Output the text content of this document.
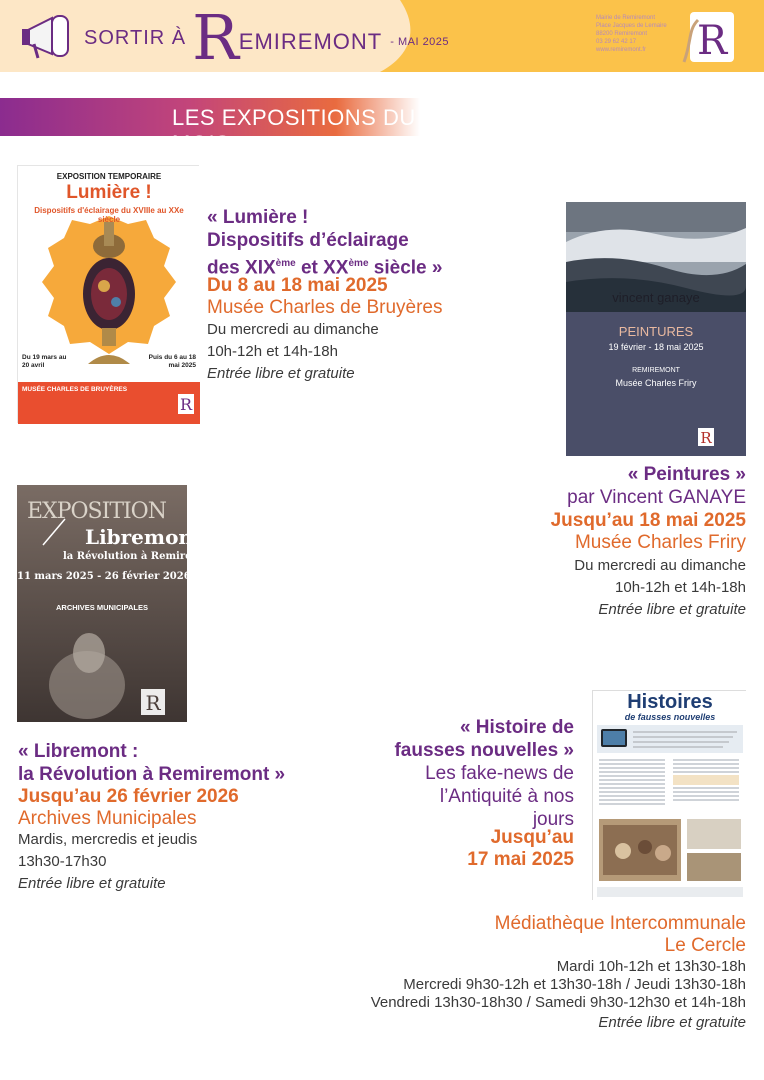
SORTIR À R EMIREMONT - MAI 2025
Mairie de Remiremont
Place Jacques de Lemaire
88200 Remiremont
03 29 62 42 17
www.remiremont.fr	R
LES EXPOSITIONS DU MOIS
R
EXPOSITION TEMPORAIRE
Lumière !
Dispositifs d'éclairage du XVIIIe au XXe siècle
Du 19 mars au 20 avril
Puis du 6 au 18 mai 2025
MUSÉE CHARLES DE BRUYÈRES
« Lumière !
Dispositifs d’éclairage
des XIXème et XXème siècle »
Du 8 au 18 mai 2025
Musée Charles de Bruyères
Du mercredi au dimanche
10h-12h et 14h-18h
Entrée libre et gratuite
R
vincent ganaye
PEINTURES
19 février - 18 mai 2025
REMIREMONT
Musée Charles Friry
« Peintures »
par Vincent GANAYE
Jusqu’au 18 mai 2025
Musée Charles Friry
Du mercredi au dimanche
10h-12h et 14h-18h
Entrée libre et gratuite
R
EXPOSITION
Libremont
la Révolution à Remiremont
11 mars 2025 - 26 février 2026
ARCHIVES MUNICIPALES
« Libremont :
la Révolution à Remiremont »
Jusqu’au 26 février 2026
Archives Municipales
Mardis, mercredis et jeudis
13h30-17h30
Entrée libre et gratuite
Histoires
de fausses nouvelles
« Histoire de
fausses nouvelles »
Les fake-news de
l’Antiquité à nos
jours
Jusqu’au
17 mai 2025
Médiathèque Intercommunale
Le Cercle
Mardi 10h-12h et 13h30-18h
Mercredi 9h30-12h et 13h30-18h / Jeudi 13h30-18h
Vendredi 13h30-18h30 / Samedi 9h30-12h30 et 14h-18h
Entrée libre et gratuite
